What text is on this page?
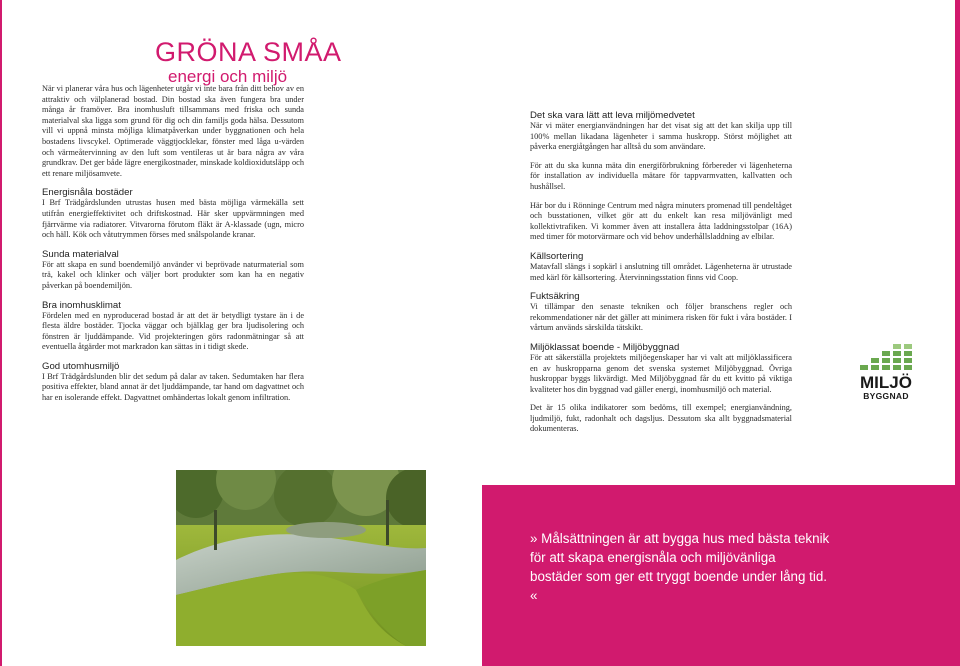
GRÖNA SMÅA
energi och miljö

När vi planerar våra hus och lägenheter utgår vi inte bara från ditt behov av en attraktiv och välplanerad bostad. Din bostad ska även fungera bra under många år framöver. Bra inomhusluft tillsammans med friska och sunda materialval ska ligga som grund för dig och din familjs goda hälsa. Dessutom vill vi uppnå minsta möjliga klimatpåverkan under byggnationen och hela bostadens livscykel. Optimerade väggtjocklekar, fönster med låga u-värden och värmeåtervinning av den luft som ventileras ut är bara några av våra grundkrav. Det ger både lägre energikostnader, minskade koldioxidutsläpp och ett renare miljösamvete.

Energisnåla bostäder

I Brf Trädgårdslunden utrustas husen med bästa möjliga värmekälla sett utifrån energieffektivitet och driftskostnad. Här sker uppvärmningen med fjärrvärme via radiatorer. Vitvarorna förutom fläkt är A-klassade (ugn, micro och häll. Kök och våtutrymmen förses med snålspolande kranar.

Sunda materialval

För att skapa en sund boendemiljö använder vi beprövade naturmaterial som trä, kakel och klinker och väljer bort produkter som kan ha en negativ påverkan på boendemiljön.

Bra inomhusklimat

Fördelen med en nyproducerad bostad är att det är betydligt tystare än i de flesta äldre bostäder. Tjocka väggar och bjälklag ger bra ljudisolering och fönstren är ljuddämpande. Vid projekteringen görs radonmätningar så att eventuella åtgärder mot markradon kan sättas in i tidigt skede.

God utomhusmiljö

I Brf Trädgårdslunden blir det sedum på dalar av taken. Sedumtaken har flera positiva effekter, bland annat är det ljuddämpande, tar hand om dagvattnet och har en isolerande effekt. Dagvattnet omhändertas lokalt genom infiltration.

Det ska vara lätt att leva miljömedvetet

När vi mäter energianvändningen har det visat sig att det kan skilja upp till 100% mellan likadana lägenheter i samma huskropp. Störst möjlighet att påverka energiåtgången har alltså du som användare.

För att du ska kunna mäta din energiförbrukning förbereder vi lägenheterna för installation av individuella mätare för tappvarmvatten, kallvatten och hushållsel.

Här bor du i Rönninge Centrum med några minuters promenad till pendeltåget och busstationen, vilket gör att du enkelt kan resa miljövänligt med kollektivtrafiken. Vi kommer även att installera åtta laddningsstolpar (16A) med timer för motorvärmare och vid behov underhållsladdning av elbilar.

Källsortering

Matavfall slängs i sopkärl i anslutning till området. Lägenheterna är utrustade med kärl för källsortering. Återvinningsstation finns vid Coop.

Fuktsäkring

Vi tillämpar den senaste tekniken och följer branschens regler och rekommendationer när det gäller att minimera risken för fukt i våra bostäder. I vårtum används särskilda tätskikt.

Miljöklassat boende - Miljöbyggnad

För att säkerställa projektets miljöegenskaper har vi valt att miljöklassificera en av huskropparna genom det svenska systemet Miljöbyggnad. Övriga huskroppar byggs likvärdigt. Med Miljöbyggnad får du ett kvitto på viktiga kvaliteter hos din byggnad vad gäller energi, inomhusmiljö och material.

Det är 15 olika indikatorer som bedöms, till exempel; energianvändning, ljudmiljö, fukt, radonhalt och dagsljus. Dessutom ska allt byggnadsmaterial dokumenteras.

» Målsättningen är att bygga hus med bästa teknik för att skapa energisnåla och miljövänliga bostäder som ger ett tryggt boende under lång tid. «
MILJÖ
BYGGNAD
